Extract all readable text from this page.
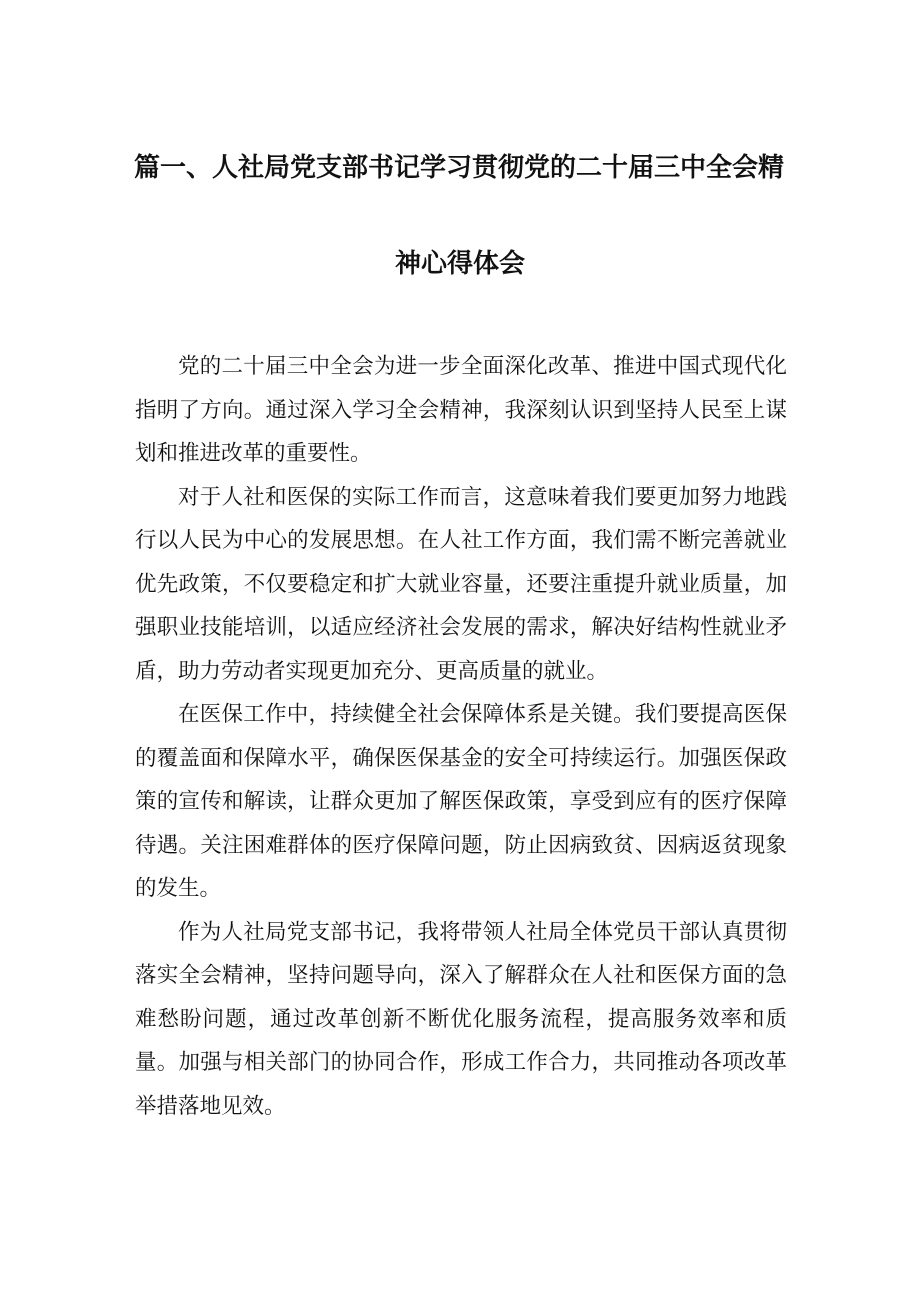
篇一、人社局党支部书记学习贯彻党的二十届三中全会精
神心得体会

党的二十届三中全会为进一步全面深化改革、推进中国式现代化指明了方向。通过深入学习全会精神，我深刻认识到坚持人民至上谋划和推进改革的重要性。

对于人社和医保的实际工作而言，这意味着我们要更加努力地践行以人民为中心的发展思想。在人社工作方面，我们需不断完善就业优先政策，不仅要稳定和扩大就业容量，还要注重提升就业质量，加强职业技能培训，以适应经济社会发展的需求，解决好结构性就业矛盾，助力劳动者实现更加充分、更高质量的就业。

在医保工作中，持续健全社会保障体系是关键。我们要提高医保的覆盖面和保障水平，确保医保基金的安全可持续运行。加强医保政策的宣传和解读，让群众更加了解医保政策，享受到应有的医疗保障待遇。关注困难群体的医疗保障问题，防止因病致贫、因病返贫现象的发生。

作为人社局党支部书记，我将带领人社局全体党员干部认真贯彻落实全会精神，坚持问题导向，深入了解群众在人社和医保方面的急难愁盼问题，通过改革创新不断优化服务流程，提高服务效率和质量。加强与相关部门的协同合作，形成工作合力，共同推动各项改革举措落地见效。
